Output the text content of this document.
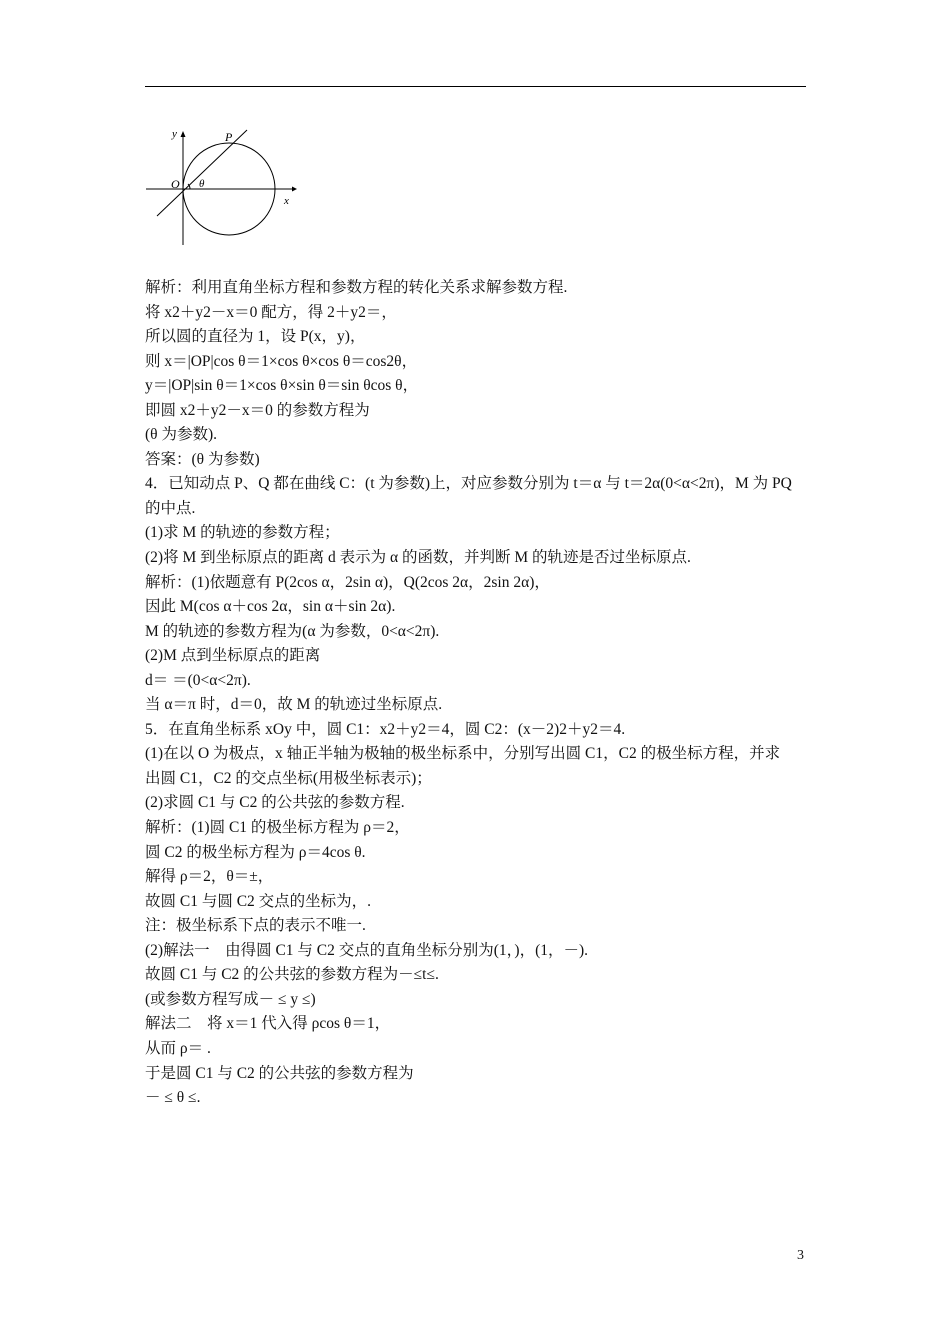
y
x
P
O θ
解析：利用直角坐标方程和参数方程的转化关系求解参数方程.
将 x2＋y2－x＝0 配方，得 2＋y2＝，
所以圆的直径为 1，设 P(x，y)，
则 x＝|OP|cos θ＝1×cos θ×cos θ＝cos2θ，
y＝|OP|sin θ＝1×cos θ×sin θ＝sin θcos θ，
即圆 x2＋y2－x＝0 的参数方程为
(θ 为参数).
答案：(θ 为参数)
4．已知动点 P、Q 都在曲线 C：(t 为参数)上，对应参数分别为 t＝α 与 t＝2α(0<α<2π)，M 为 PQ
的中点.
(1)求 M 的轨迹的参数方程；
(2)将 M 到坐标原点的距离 d 表示为 α 的函数，并判断 M 的轨迹是否过坐标原点.
解析：(1)依题意有 P(2cos α，2sin α)，Q(2cos 2α，2sin 2α)，
因此 M(cos α＋cos 2α，sin α＋sin 2α).
M 的轨迹的参数方程为(α 为参数，0<α<2π).
(2)M 点到坐标原点的距离
d＝ ＝(0<α<2π).
当 α＝π 时，d＝0，故 M 的轨迹过坐标原点.
5．在直角坐标系 xOy 中，圆 C1：x2＋y2＝4，圆 C2：(x－2)2＋y2＝4.
(1)在以 O 为极点，x 轴正半轴为极轴的极坐标系中，分别写出圆 C1，C2 的极坐标方程，并求
出圆 C1，C2 的交点坐标(用极坐标表示)；
(2)求圆 C1 与 C2 的公共弦的参数方程.
解析：(1)圆 C1 的极坐标方程为 ρ＝2，
圆 C2 的极坐标方程为 ρ＝4cos θ.
解得 ρ＝2，θ＝±，
故圆 C1 与圆 C2 交点的坐标为，.
注：极坐标系下点的表示不唯一.
(2)解法一　由得圆 C1 与 C2 交点的直角坐标分别为(1，)，(1，－).
故圆 C1 与 C2 的公共弦的参数方程为－≤t≤.
(或参数方程写成－ ≤ y ≤)
解法二　将 x＝1 代入得 ρcos θ＝1，
从而 ρ＝ .
于是圆 C1 与 C2 的公共弦的参数方程为
－ ≤ θ ≤.
3
